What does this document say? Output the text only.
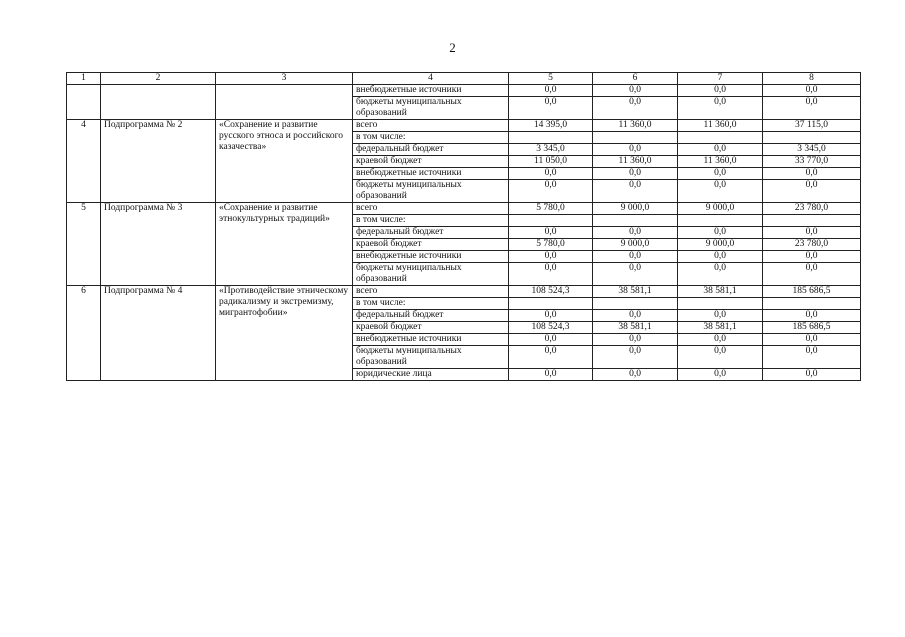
2
1	2	3	4	5	6	7	8
			внебюджетные источники	0,0	0,0	0,0	0,0
			бюджеты муниципальных образований	0,0	0,0	0,0	0,0
4	Подпрограмма № 2	«Сохранение и развитие русского этноса и российского казачества»	всего	14 395,0	11 360,0	11 360,0	37 115,0
			в том числе:				
			федеральный бюджет	3 345,0	0,0	0,0	3 345,0
			краевой бюджет	11 050,0	11 360,0	11 360,0	33 770,0
			внебюджетные источники	0,0	0,0	0,0	0,0
			бюджеты муниципальных образований	0,0	0,0	0,0	0,0
5	Подпрограмма № 3	«Сохранение и развитие этнокультурных традиций»	всего	5 780,0	9 000,0	9 000,0	23 780,0
			в том числе:				
			федеральный бюджет	0,0	0,0	0,0	0,0
			краевой бюджет	5 780,0	9 000,0	9 000,0	23 780,0
			внебюджетные источники	0,0	0,0	0,0	0,0
			бюджеты муниципальных образований	0,0	0,0	0,0	0,0
6	Подпрограмма № 4	«Противодействие этническому радикализму и экстремизму, мигрантофобии»	всего	108 524,3	38 581,1	38 581,1	185 686,5
			в том числе:				
			федеральный бюджет	0,0	0,0	0,0	0,0
			краевой бюджет	108 524,3	38 581,1	38 581,1	185 686,5
			внебюджетные источники	0,0	0,0	0,0	0,0
			бюджеты муниципальных образований	0,0	0,0	0,0	0,0
			юридические лица	0,0	0,0	0,0	0,0
